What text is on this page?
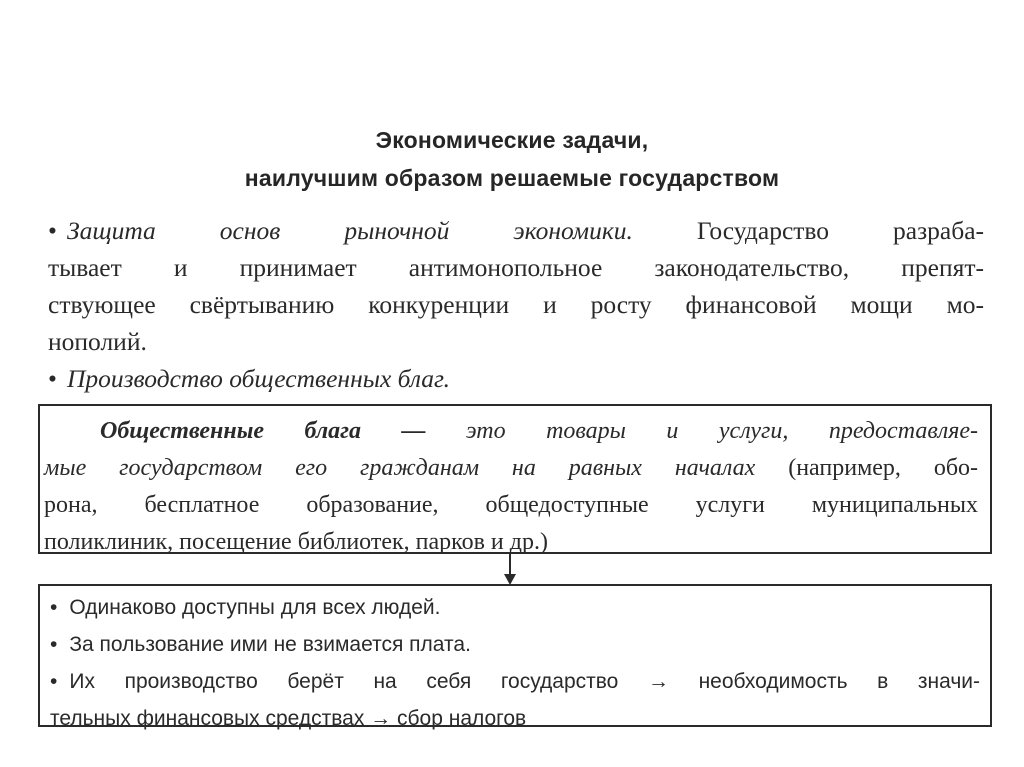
Экономические задачи,
наилучшим образом решаемые государством
• Защита основ рыночной экономики.	Государство разраба-
тывает и принимает антимонопольное законодательство, препят-
ствующее свёртыванию конкуренции и росту финансовой мощи мо-
нополий.
• Производство общественных благ.
Общественные блага — это товары и услуги, предоставляе-
мые государством его гражданам на равных началах (например, обо-
рона, бесплатное образование, общедоступные услуги муниципальных
поликлиник, посещение библиотек, парков и др.)
• Одинаково доступны для всех людей.
• За пользование ими не взимается плата.
• Их производство берёт на себя государство → необходимость в значи-
тельных финансовых средствах → сбор налогов
